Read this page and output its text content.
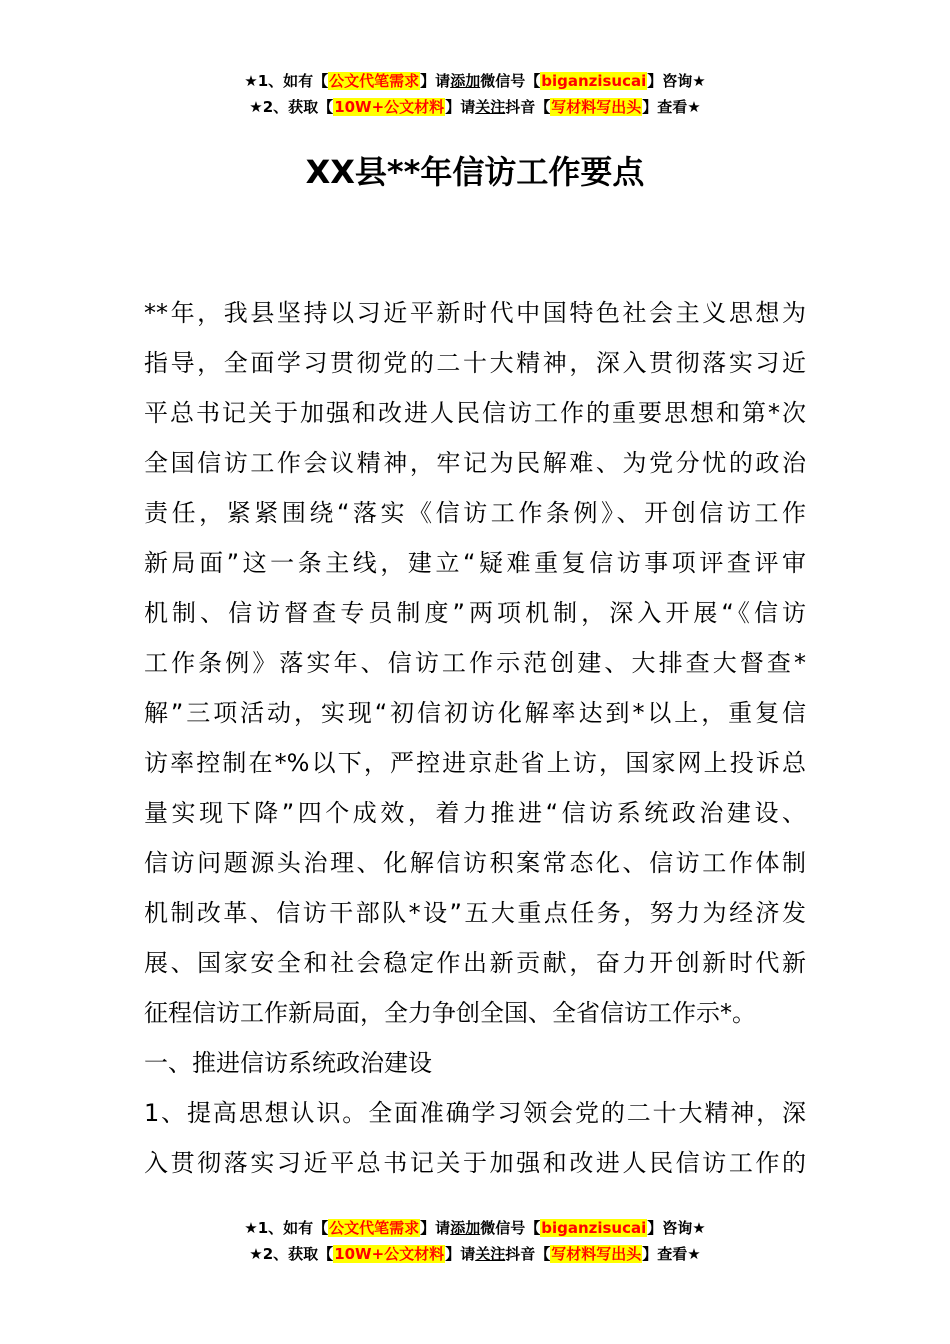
★1、如有【公文代笔需求】请添加微信号【biganzisucai】咨询★
★2、获取【10W+公文材料】请关注抖音【写材料写出头】查看★
XX县**年信访工作要点

**年，我县坚持以习近平新时代中国特色社会主义思想为
指导，全面学习贯彻党的二十大精神，深入贯彻落实习近
平总书记关于加强和改进人民信访工作的重要思想和第*次
全国信访工作会议精神，牢记为民解难、为党分忧的政治
责任，紧紧围绕“落实《信访工作条例》、开创信访工作
新局面”这一条主线，建立“疑难重复信访事项评查评审
机制、信访督查专员制度”两项机制，深入开展“《信访
工作条例》落实年、信访工作示范创建、大排查大督查*
解”三项活动，实现“初信初访化解率达到*以上，重复信
访率控制在*%以下，严控进京赴省上访，国家网上投诉总
量实现下降”四个成效，着力推进“信访系统政治建设、
信访问题源头治理、化解信访积案常态化、信访工作体制
机制改革、信访干部队*设”五大重点任务，努力为经济发
展、国家安全和社会稳定作出新贡献，奋力开创新时代新
征程信访工作新局面，全力争创全国、全省信访工作示*。

一、推进信访系统政治建设

1、提高思想认识。全面准确学习领会党的二十大精神，深
入贯彻落实习近平总书记关于加强和改进人民信访工作的

★1、如有【公文代笔需求】请添加微信号【biganzisucai】咨询★
★2、获取【10W+公文材料】请关注抖音【写材料写出头】查看★
